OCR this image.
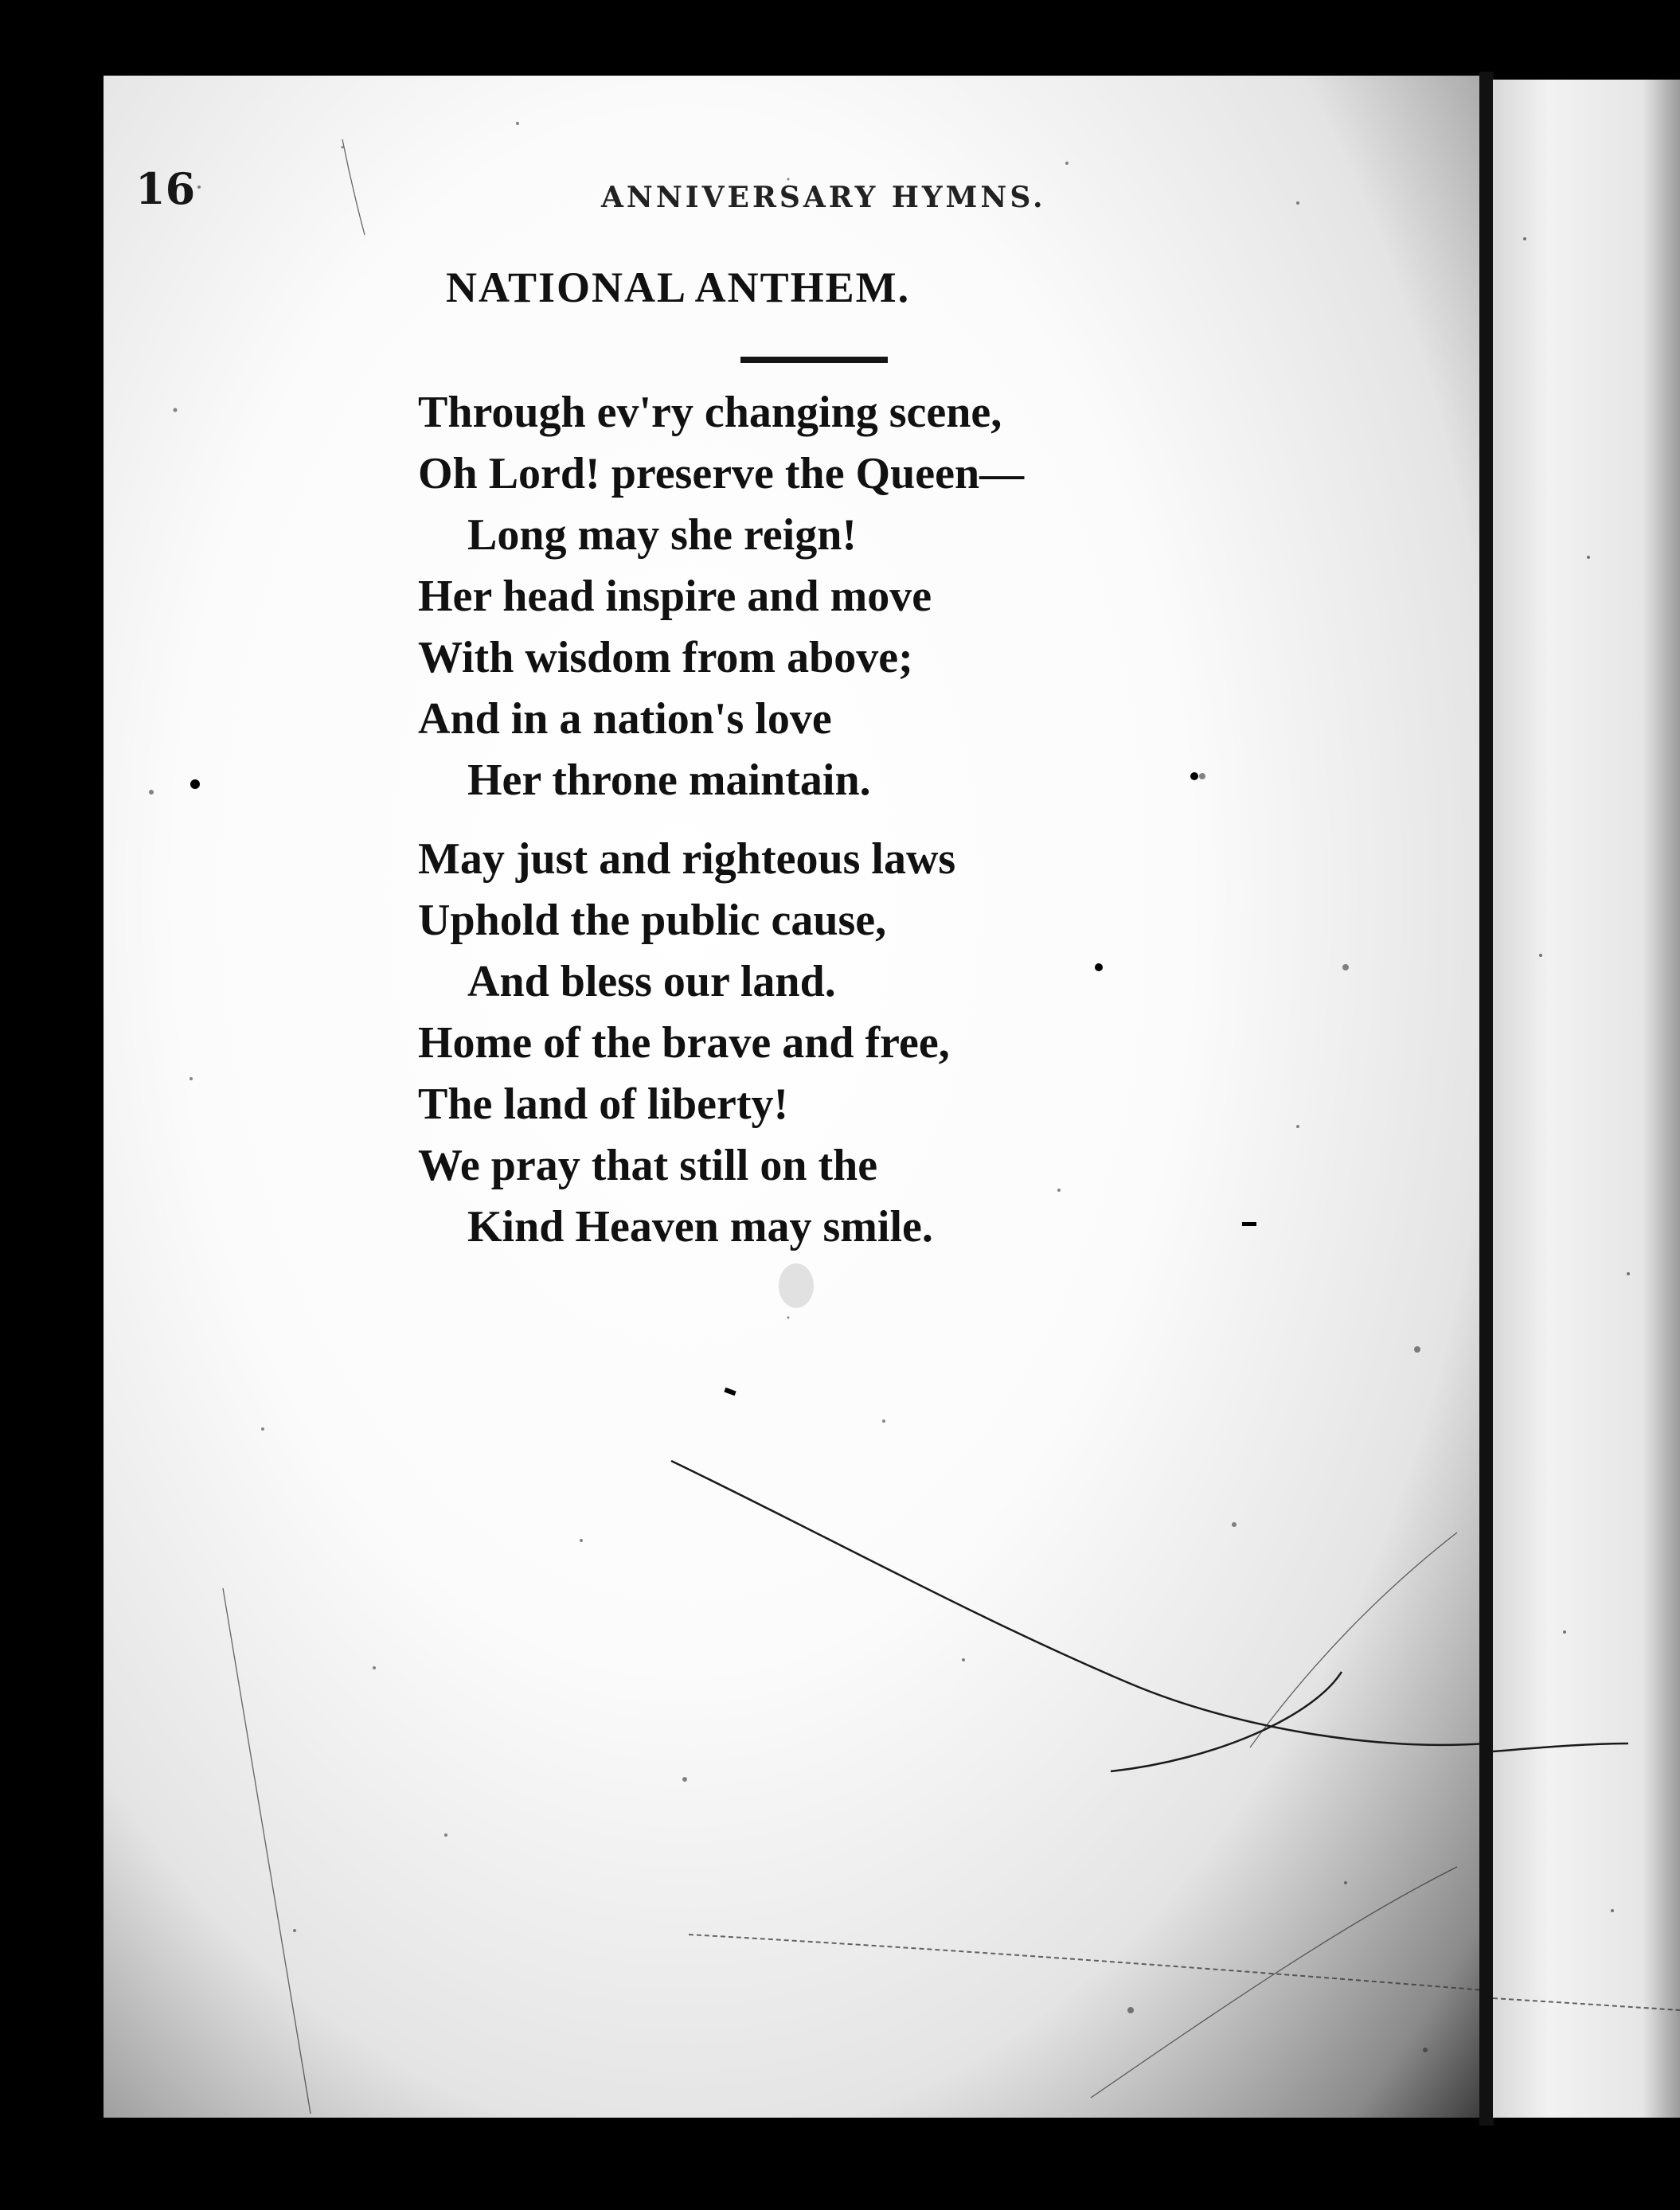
16	ANNIVERSARY HYMNS.
NATIONAL ANTHEM.
Through ev'ry changing scene,
Oh Lord! preserve the Queen—
Long may she reign!
Her head inspire and move
With wisdom from above;
And in a nation's love
Her throne maintain.
May just and righteous laws
Uphold the public cause,
And bless our land.
Home of the brave and free,
The land of liberty!
We pray that still on the
Kind Heaven may smile.
